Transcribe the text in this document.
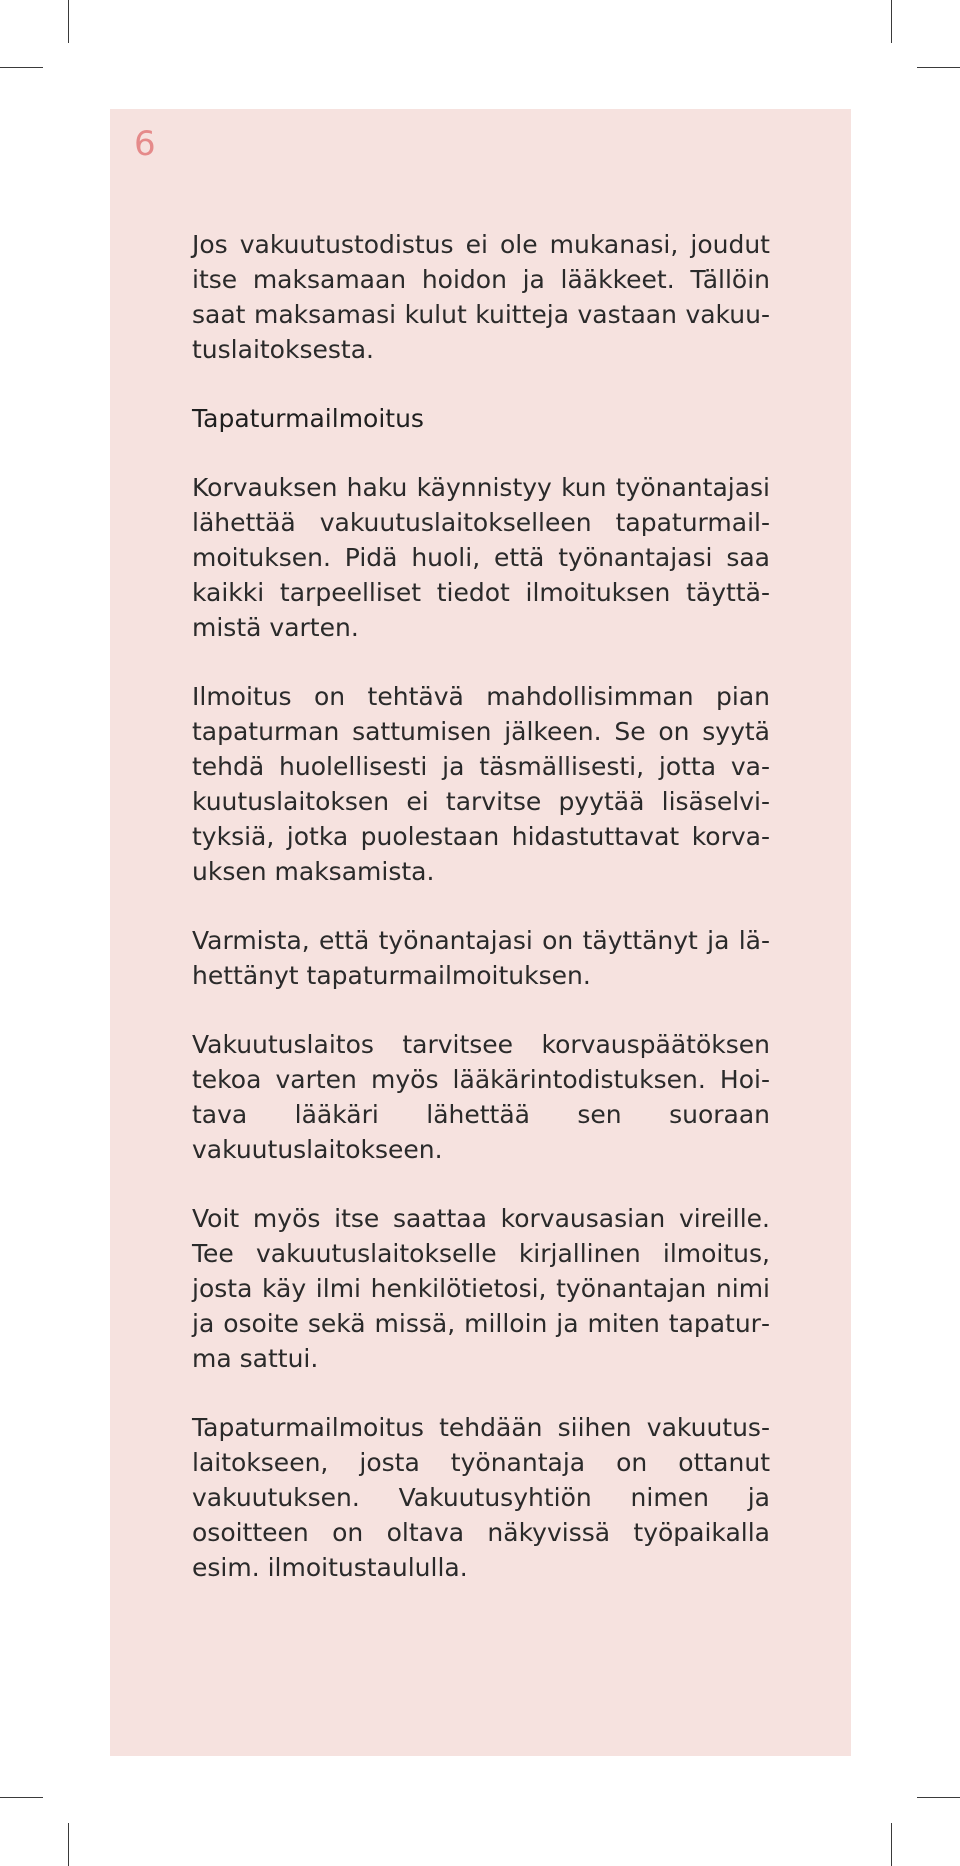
6

Jos vakuutustodistus ei ole mukanasi, joudut itse maksamaan hoidon ja lääkkeet. Tällöin saat maksamasi kulut kuitteja vastaan vakuutuslaitoksesta.

Tapaturmailmoitus

Korvauksen haku käynnistyy kun työnantajasi lähettää vakuutuslaitokselleen tapaturmailmoituksen. Pidä huoli, että työnantajasi saa kaikki tarpeelliset tiedot ilmoituksen täyttämistä varten.

Ilmoitus on tehtävä mahdollisimman pian tapaturman sattumisen jälkeen. Se on syytä tehdä huolellisesti ja täsmällisesti, jotta vakuutuslaitoksen ei tarvitse pyytää lisäselvityksiä, jotka puolestaan hidastuttavat korvauksen maksamista.

Varmista, että työnantajasi on täyttänyt ja lähettänyt tapaturmailmoituksen.

Vakuutuslaitos tarvitsee korvauspäätöksen tekoa varten myös lääkärintodistuksen. Hoitava lääkäri lähettää sen suoraan vakuutuslaitokseen.

Voit myös itse saattaa korvausasian vireille. Tee vakuutuslaitokselle kirjallinen ilmoitus, josta käy ilmi henkilötietosi, työnantajan nimi ja osoite sekä missä, milloin ja miten tapaturma sattui.

Tapaturmailmoitus tehdään siihen vakuutuslaitokseen, josta työnantaja on ottanut vakuutuksen. Vakuutusyhtiön nimen ja osoitteen on oltava näkyvissä työpaikalla esim. ilmoitustaululla.
